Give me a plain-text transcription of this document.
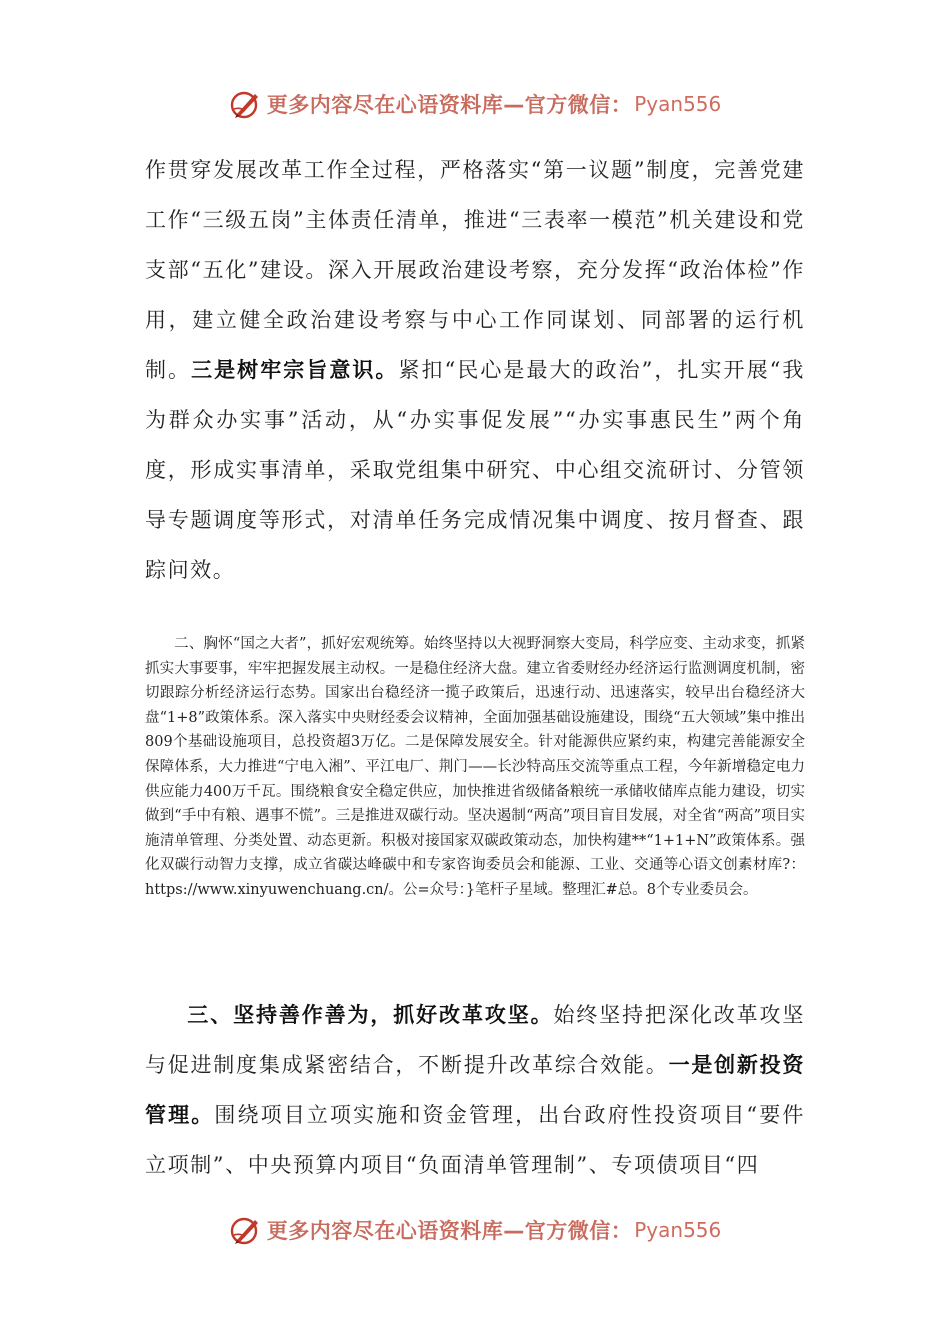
更多内容尽在心语资料库—官方微信： Pyan556

作贯穿发展改革工作全过程，严格落实“第一议题”制度，完善党建工作“三级五岗”主体责任清单，推进“三表率一模范”机关建设和党支部“五化”建设。深入开展政治建设考察，充分发挥“政治体检”作用，建立健全政治建设考察与中心工作同谋划、同部署的运行机制。三是树牢宗旨意识。紧扣“民心是最大的政治”，扎实开展“我为群众办实事”活动，从“办实事促发展”“办实事惠民生”两个角度，形成实事清单，采取党组集中研究、中心组交流研讨、分管领导专题调度等形式，对清单任务完成情况集中调度、按月督查、跟踪问效。

二、胸怀“国之大者”，抓好宏观统筹。始终坚持以大视野洞察大变局，科学应变、主动求变，抓紧抓实大事要事，牢牢把握发展主动权。一是稳住经济大盘。建立省委财经办经济运行监测调度机制，密切跟踪分析经济运行态势。国家出台稳经济一揽子政策后，迅速行动、迅速落实，较早出台稳经济大盘“1+8”政策体系。深入落实中央财经委会议精神，全面加强基础设施建设，围绕“五大领域”集中推出809个基础设施项目，总投资超3万亿。二是保障发展安全。针对能源供应紧约束，构建完善能源安全保障体系，大力推进“宁电入湘”、平江电厂、荆门——长沙特高压交流等重点工程，今年新增稳定电力供应能力400万千瓦。围绕粮食安全稳定供应，加快推进省级储备粮统一承储收储库点能力建设，切实做到“手中有粮、遇事不慌”。三是推进双碳行动。坚决遏制“两高”项目盲目发展，对全省“两高”项目实施清单管理、分类处置、动态更新。积极对接国家双碳政策动态，加快构建**“1+1+N”政策体系。强化双碳行动智力支撑，成立省碳达峰碳中和专家咨询委员会和能源、工业、交通等心语文创素材库?：https://www.xinyuwenchuang.cn/。公=众号：}笔杆子星域。整理汇#总。8个专业委员会。

三、坚持善作善为，抓好改革攻坚。始终坚持把深化改革攻坚与促进制度集成紧密结合，不断提升改革综合效能。一是创新投资管理。围绕项目立项实施和资金管理，出台政府性投资项目“要件立项制”、中央预算内项目“负面清单管理制”、专项债项目“四

更多内容尽在心语资料库—官方微信： Pyan556
